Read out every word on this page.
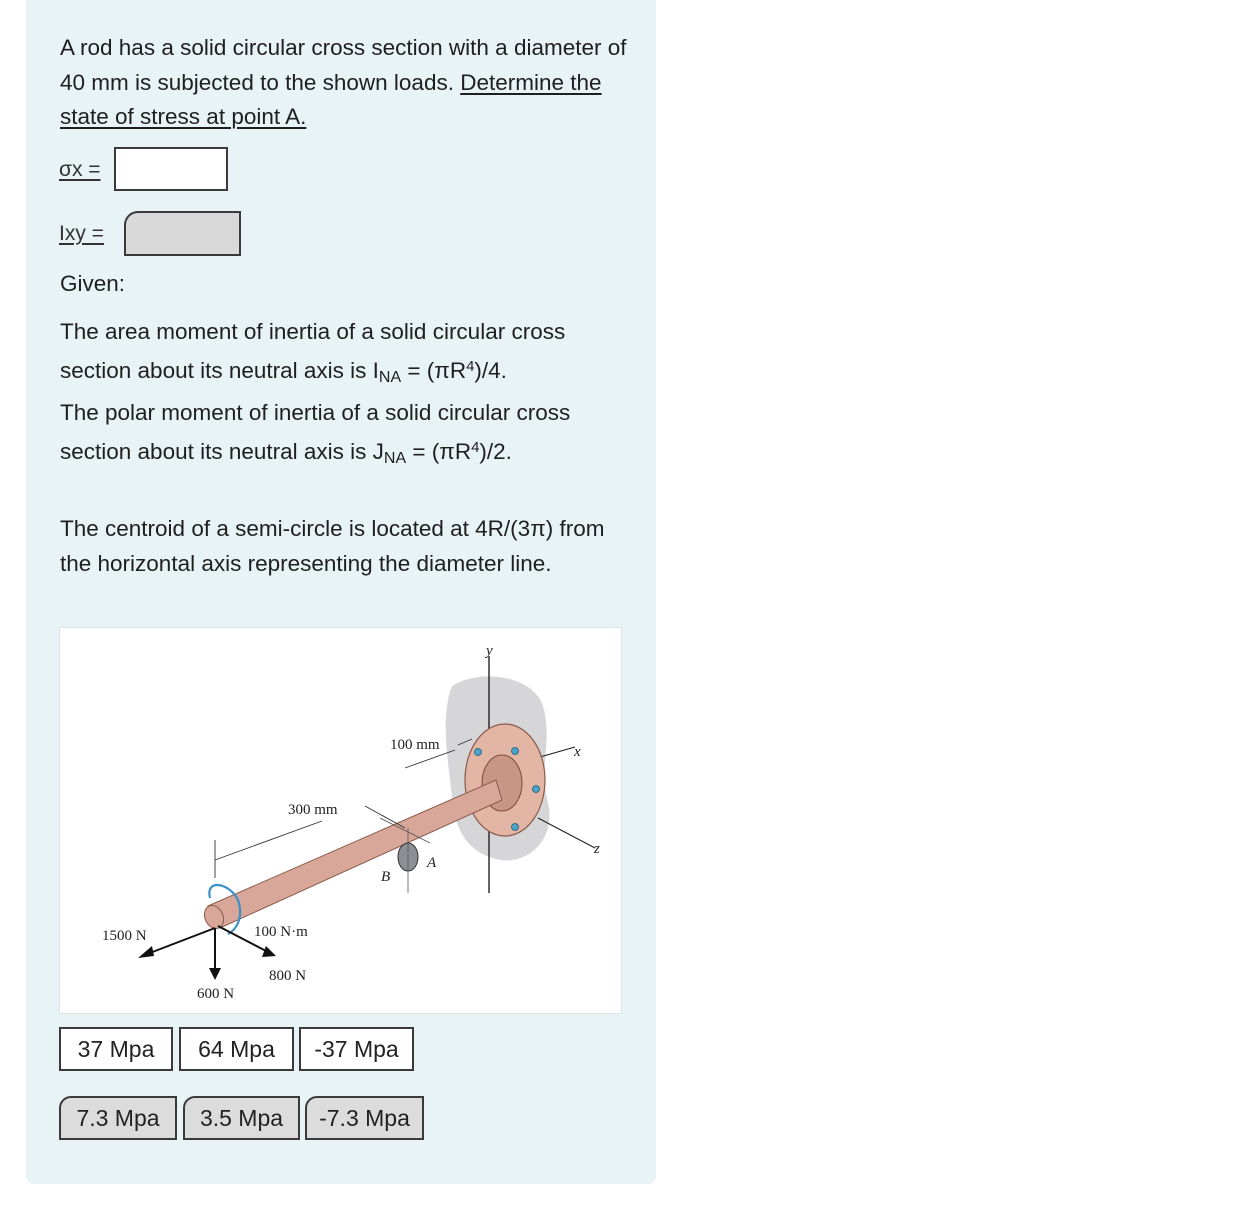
A rod has a solid circular cross section with a diameter of 40 mm is subjected to the shown loads. Determine the state of stress at point A.
σx =
Ixy =
Given:
The area moment of inertia of a solid circular cross section about its neutral axis is $I_{NA} = (\pi R^4)/4$.
The polar moment of inertia of a solid circular cross section about its neutral axis is $J_{NA} = (\pi R^4)/2$.
The centroid of a semi-circle is located at 4R/(3π) from the horizontal axis representing the diameter line.
100 mm
300 mm
y
x
z
A
B
1500 N	100 N·m
800 N
600 N
37 Mpa	64 Mpa	-37 Mpa
7.3 Mpa	3.5 Mpa	-7.3 Mpa
